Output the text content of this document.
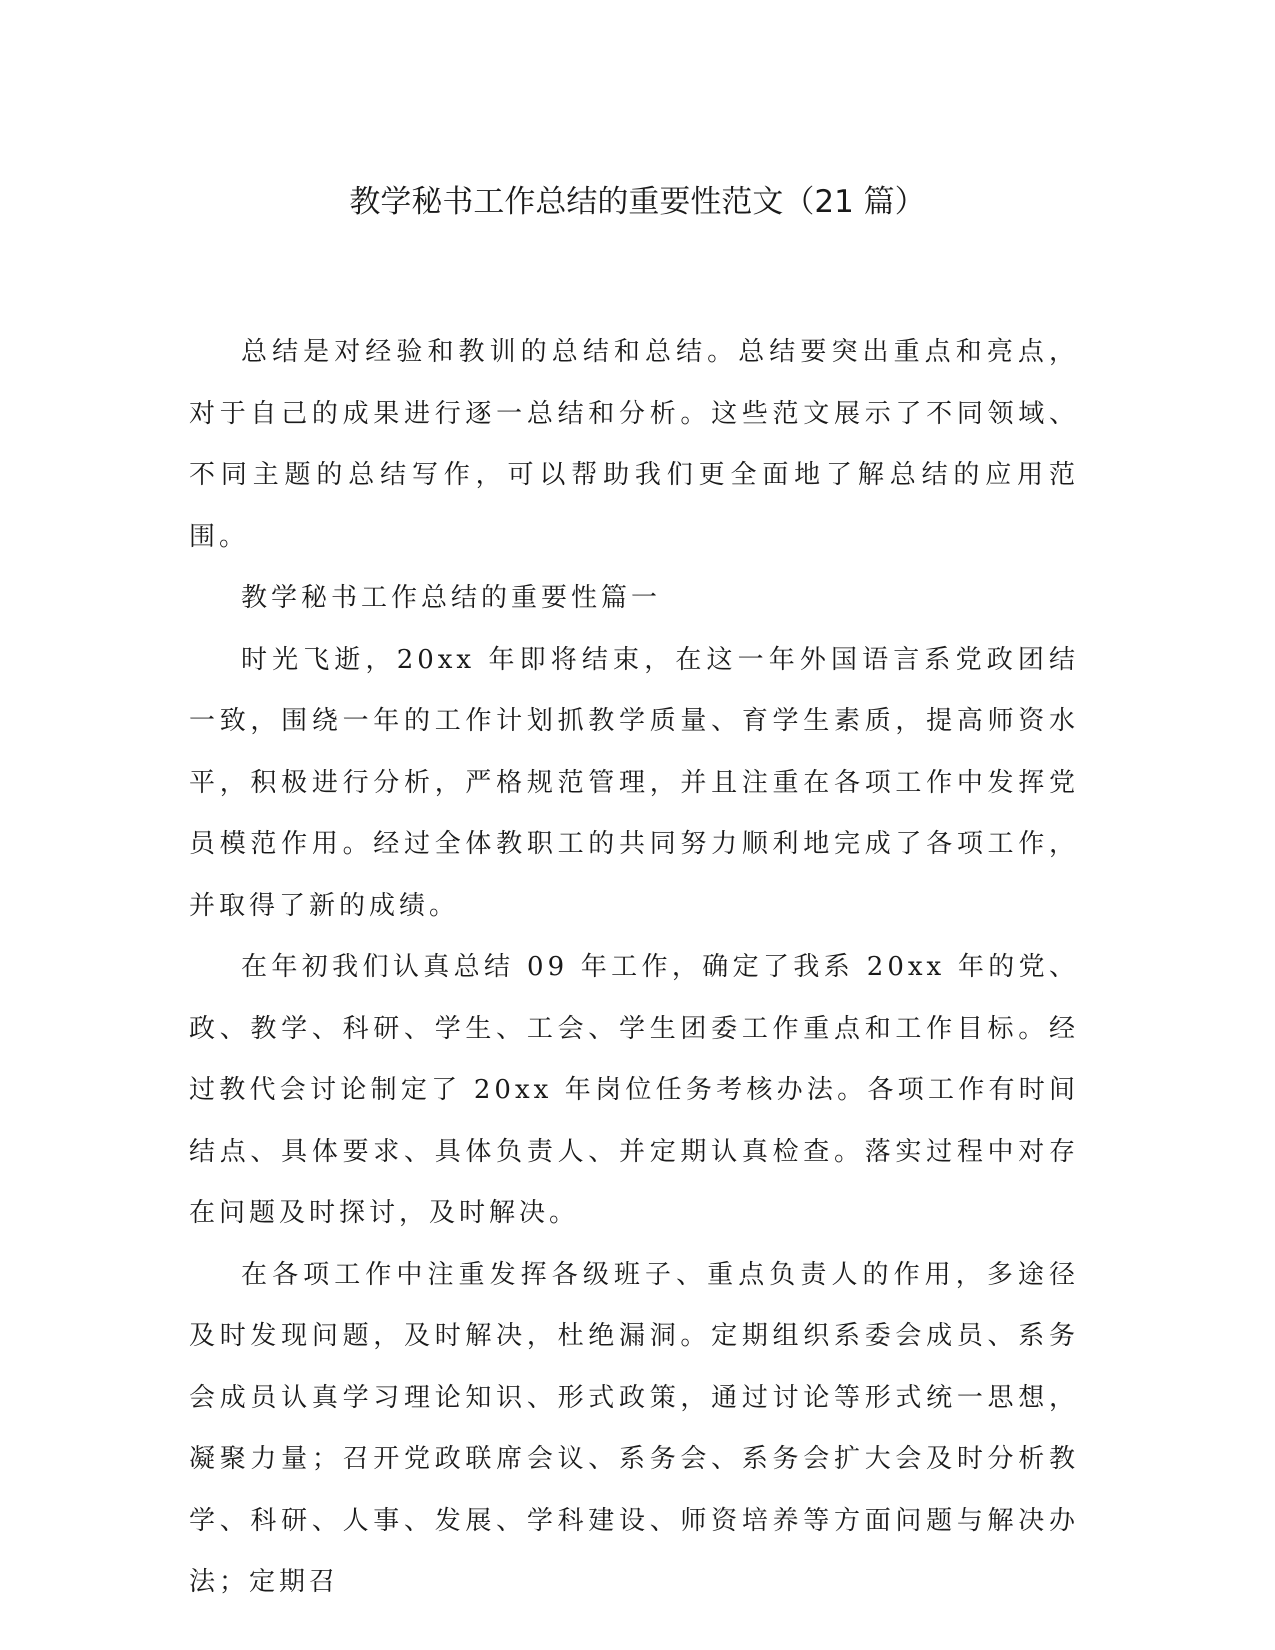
教学秘书工作总结的重要性范文（21 篇）

总结是对经验和教训的总结和总结。总结要突出重点和亮点，对于自己的成果进行逐一总结和分析。这些范文展示了不同领域、不同主题的总结写作，可以帮助我们更全面地了解总结的应用范围。

教学秘书工作总结的重要性篇一

时光飞逝，20xx 年即将结束，在这一年外国语言系党政团结一致，围绕一年的工作计划抓教学质量、育学生素质，提高师资水平，积极进行分析，严格规范管理，并且注重在各项工作中发挥党员模范作用。经过全体教职工的共同努力顺利地完成了各项工作，并取得了新的成绩。

在年初我们认真总结 09 年工作，确定了我系 20xx 年的党、政、教学、科研、学生、工会、学生团委工作重点和工作目标。经过教代会讨论制定了 20xx 年岗位任务考核办法。各项工作有时间结点、具体要求、具体负责人、并定期认真检查。落实过程中对存在问题及时探讨，及时解决。

在各项工作中注重发挥各级班子、重点负责人的作用，多途径及时发现问题，及时解决，杜绝漏洞。定期组织系委会成员、系务会成员认真学习理论知识、形式政策，通过讨论等形式统一思想，凝聚力量；召开党政联席会议、系务会、系务会扩大会及时分析教学、科研、人事、发展、学科建设、师资培养等方面问题与解决办法；定期召
